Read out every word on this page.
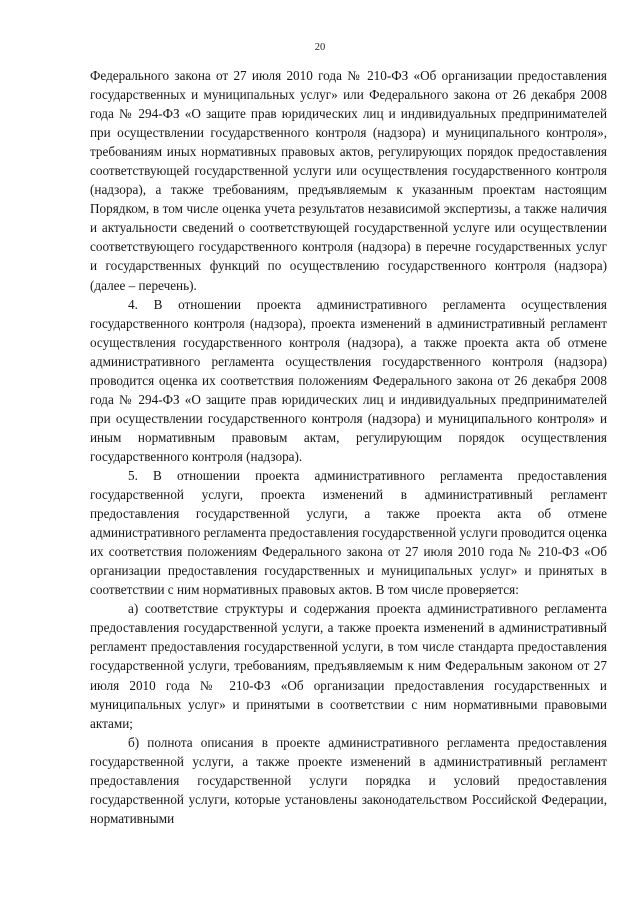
20

Федерального закона от 27 июля 2010 года № 210-ФЗ «Об организации предоставления государственных и муниципальных услуг» или Федерального закона от 26 декабря 2008 года № 294-ФЗ «О защите прав юридических лиц и индивидуальных предпринимателей при осуществлении государственного контроля (надзора) и муниципального контроля», требованиям иных нормативных правовых актов, регулирующих порядок предоставления соответствующей государственной услуги или осуществления государственного контроля (надзора), а также требованиям, предъявляемым к указанным проектам настоящим Порядком, в том числе оценка учета результатов независимой экспертизы, а также наличия и актуальности сведений о соответствующей государственной услуге или осуществлении соответствующего государственного контроля (надзора) в перечне государственных услуг и государственных функций по осуществлению государственного контроля (надзора) (далее – перечень).

4. В отношении проекта административного регламента осуществления государственного контроля (надзора), проекта изменений в административный регламент осуществления государственного контроля (надзора), а также проекта акта об отмене административного регламента осуществления государственного контроля (надзора) проводится оценка их соответствия положениям Федерального закона от 26 декабря 2008 года № 294-ФЗ «О защите прав юридических лиц и индивидуальных предпринимателей при осуществлении государственного контроля (надзора) и муниципального контроля» и иным нормативным правовым актам, регулирующим порядок осуществления государственного контроля (надзора).

5. В отношении проекта административного регламента предоставления государственной услуги, проекта изменений в административный регламент предоставления государственной услуги, а также проекта акта об отмене административного регламента предоставления государственной услуги проводится оценка их соответствия положениям Федерального закона от 27 июля 2010 года № 210-ФЗ «Об организации предоставления государственных и муниципальных услуг» и принятых в соответствии с ним нормативных правовых актов. В том числе проверяется:

а) соответствие структуры и содержания проекта административного регламента предоставления государственной услуги, а также проекта изменений в административный регламент предоставления государственной услуги, в том числе стандарта предоставления государственной услуги, требованиям, предъявляемым к ним Федеральным законом от 27 июля 2010 года № 210-ФЗ «Об организации предоставления государственных и муниципальных услуг» и принятыми в соответствии с ним нормативными правовыми актами;

б) полнота описания в проекте административного регламента предоставления государственной услуги, а также проекте изменений в административный регламент предоставления государственной услуги порядка и условий предоставления государственной услуги, которые установлены законодательством Российской Федерации, нормативными
